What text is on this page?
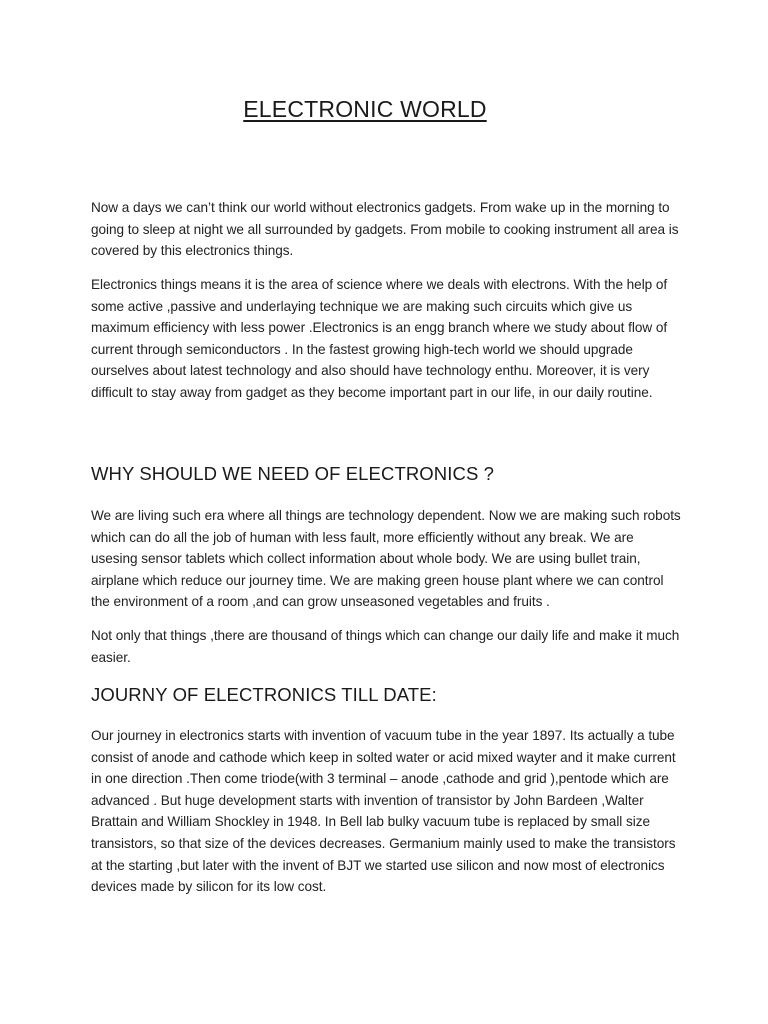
ELECTRONIC WORLD

Now a days we can’t think our world without electronics gadgets. From wake up in the morning to going to sleep at night we all surrounded by gadgets. From mobile to cooking instrument all area is covered by this electronics things.

Electronics things means it is the area of science where we deals with electrons. With the help of some active ,passive and underlaying technique we are making such circuits which give us maximum efficiency with less power .Electronics is an engg branch where we study about flow of current through semiconductors . In the fastest growing high-tech world we should upgrade ourselves about latest technology and also should have technology enthu. Moreover, it is very difficult to stay away from gadget as they become important part in our life, in our daily routine.

WHY SHOULD WE NEED OF ELECTRONICS ?

We are living such era where all things are technology dependent. Now we are making such robots which can do all the job of human with less fault, more efficiently without any break. We are usesing sensor tablets which collect information about whole body. We are using bullet train, airplane which reduce our journey time. We are making green house plant where we can control the environment of a room ,and can grow unseasoned vegetables and fruits .

Not only that things ,there are thousand of things which can change our daily life and make it much easier.

JOURNY OF ELECTRONICS TILL DATE:

Our journey in electronics starts with invention of vacuum tube in the year 1897. Its actually a tube consist of anode and cathode which keep in solted water or acid mixed wayter and it make current in one direction .Then come triode(with 3 terminal – anode ,cathode and grid ),pentode which are advanced . But huge development starts with invention of transistor by John Bardeen ,Walter Brattain and William Shockley in 1948. In Bell lab bulky vacuum tube is replaced by small size transistors, so that size of the devices decreases. Germanium mainly used to make the transistors at the starting ,but later with the invent of BJT we started use silicon and now most of electronics devices made by silicon for its low cost.
